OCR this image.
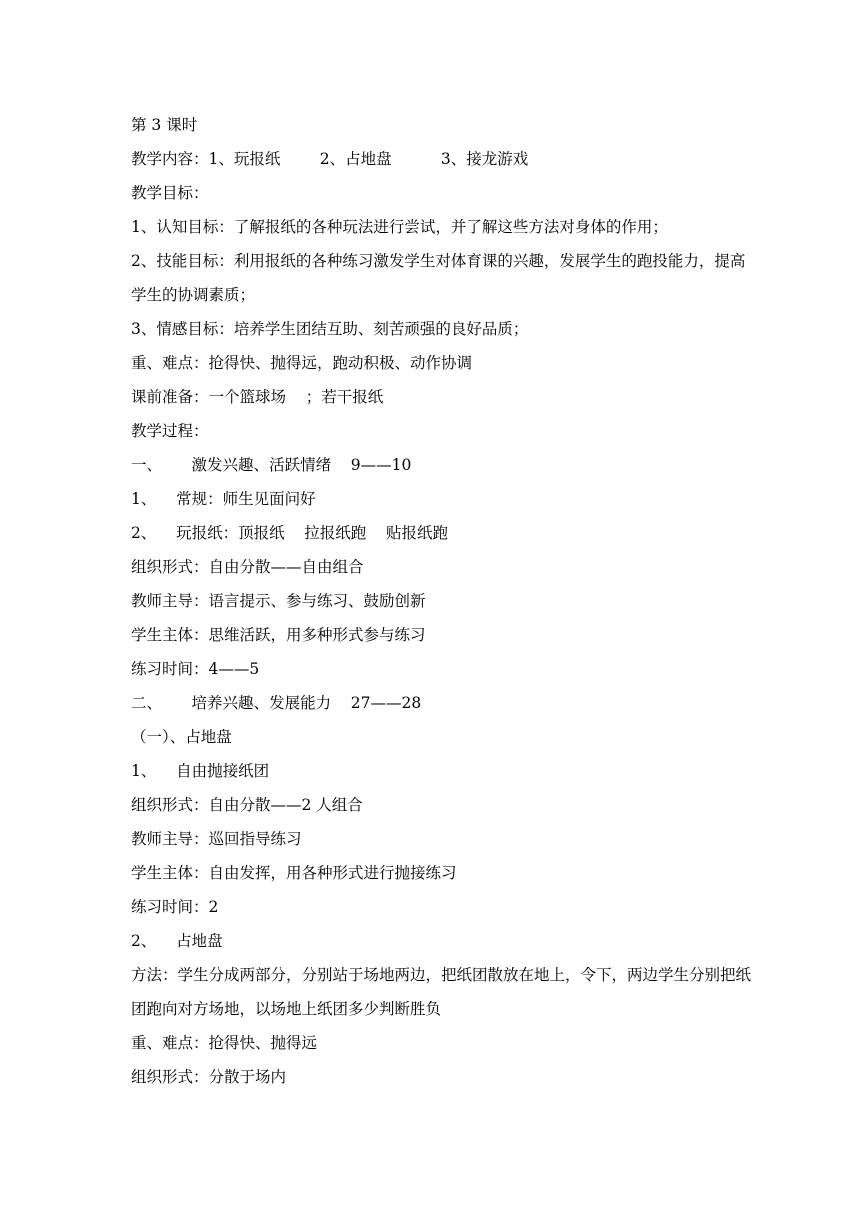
第 3 课时
教学内容：1、玩报纸        2、占地盘          3、接龙游戏
教学目标：
1、认知目标：了解报纸的各种玩法进行尝试，并了解这些方法对身体的作用；
2、技能目标：利用报纸的各种练习激发学生对体育课的兴趣，发展学生的跑投能力，提高学生的协调素质；
3、情感目标：培养学生团结互助、刻苦顽强的良好品质；
重、难点：抢得快、抛得远，跑动积极、动作协调
课前准备：一个篮球场    ；若干报纸
教学过程：
一、      激发兴趣、活跃情绪    9——10
1、    常规：师生见面问好
2、    玩报纸：顶报纸    拉报纸跑    贴报纸跑
组织形式：自由分散——自由组合
教师主导：语言提示、参与练习、鼓励创新
学生主体：思维活跃，用多种形式参与练习
练习时间：4——5
二、      培养兴趣、发展能力    27——28
（一）、占地盘
1、    自由抛接纸团
组织形式：自由分散——2 人组合
教师主导：巡回指导练习
学生主体：自由发挥，用各种形式进行抛接练习
练习时间：2
2、    占地盘
方法：学生分成两部分，分别站于场地两边，把纸团散放在地上，令下，两边学生分别把纸团跑向对方场地，以场地上纸团多少判断胜负
重、难点：抢得快、抛得远
组织形式：分散于场内
